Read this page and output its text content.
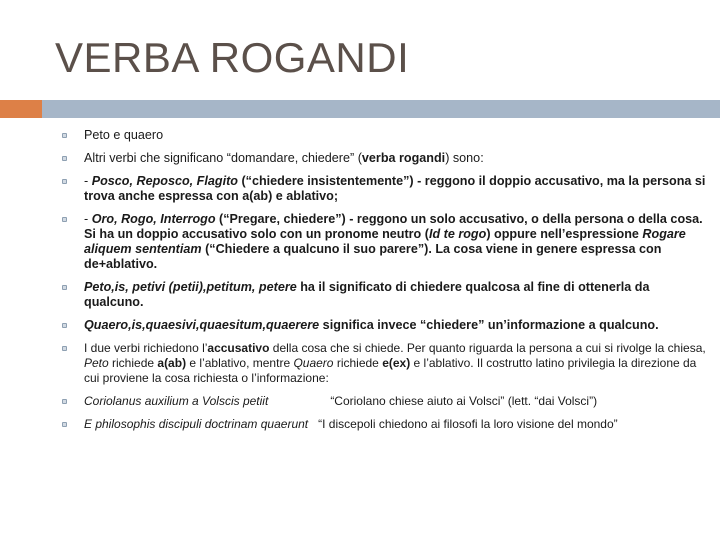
VERBA ROGANDI
Peto e quaero
Altri verbi che significano “domandare, chiedere” (verba rogandi) sono:
- Posco, Reposco, Flagito (“chiedere insistentemente”) - reggono il doppio accusativo, ma la persona si trova anche espressa con a(ab) e ablativo;
- Oro, Rogo, Interrogo (“Pregare, chiedere”) - reggono un solo accusativo, o della persona o della cosa. Si ha un doppio accusativo solo con un pronome neutro (Id te rogo) oppure nell’espressione Rogare aliquem sententiam (“Chiedere a qualcuno il suo parere”). La cosa viene in genere espressa con de+ablativo.
Peto,is, petivi (petii),petitum, petere ha il significato di chiedere qualcosa al fine di ottenerla da qualcuno.
Quaero,is,quaesivi,quaesitum,quaerere significa invece “chiedere” un’informazione a qualcuno.
I due verbi richiedono l’accusativo della cosa che si chiede. Per quanto riguarda la persona a cui si rivolge la chiesa, Peto richiede a(ab) e l’ablativo, mentre Quaero richiede e(ex) e l’ablativo. Il costrutto latino privilegia la direzione da cui proviene la cosa richiesta o l’informazione:
Coriolanus auxilium a Volscis petiit	“Coriolano chiese aiuto ai Volsci” (lett. “dai Volsci”)
E philosophis discipuli doctrinam quaerunt “I discepoli chiedono ai filosofi la loro visione del mondo”
